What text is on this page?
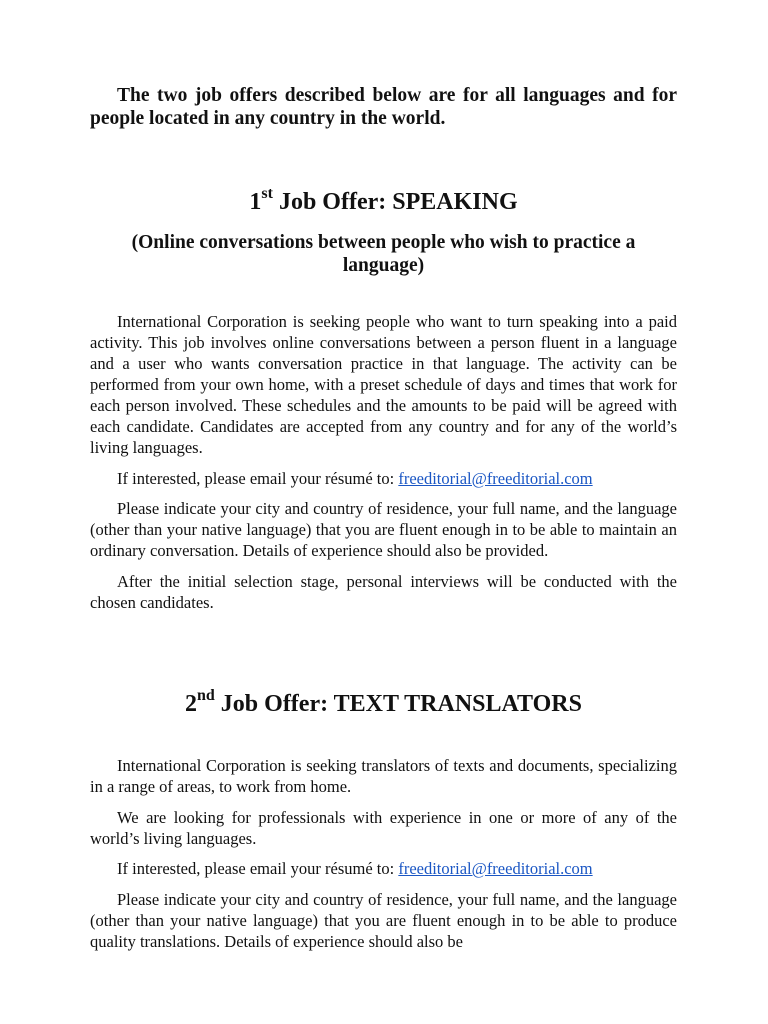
The two job offers described below are for all languages and for people located in any country in the world.

1st Job Offer: SPEAKING

(Online conversations between people who wish to practice a language)

International Corporation is seeking people who want to turn speaking into a paid activity. This job involves online conversations between a person fluent in a language and a user who wants conversation practice in that language. The activity can be performed from your own home, with a preset schedule of days and times that work for each person involved. These schedules and the amounts to be paid will be agreed with each candidate. Candidates are accepted from any country and for any of the world’s living languages.

If interested, please email your résumé to: freeditorial@freeditorial.com

Please indicate your city and country of residence, your full name, and the language (other than your native language) that you are fluent enough in to be able to maintain an ordinary conversation. Details of experience should also be provided.

After the initial selection stage, personal interviews will be conducted with the chosen candidates.

2nd Job Offer: TEXT TRANSLATORS

International Corporation is seeking translators of texts and documents, specializing in a range of areas, to work from home.

We are looking for professionals with experience in one or more of any of the world’s living languages.

If interested, please email your résumé to: freeditorial@freeditorial.com

Please indicate your city and country of residence, your full name, and the language (other than your native language) that you are fluent enough in to be able to produce quality translations. Details of experience should also be
